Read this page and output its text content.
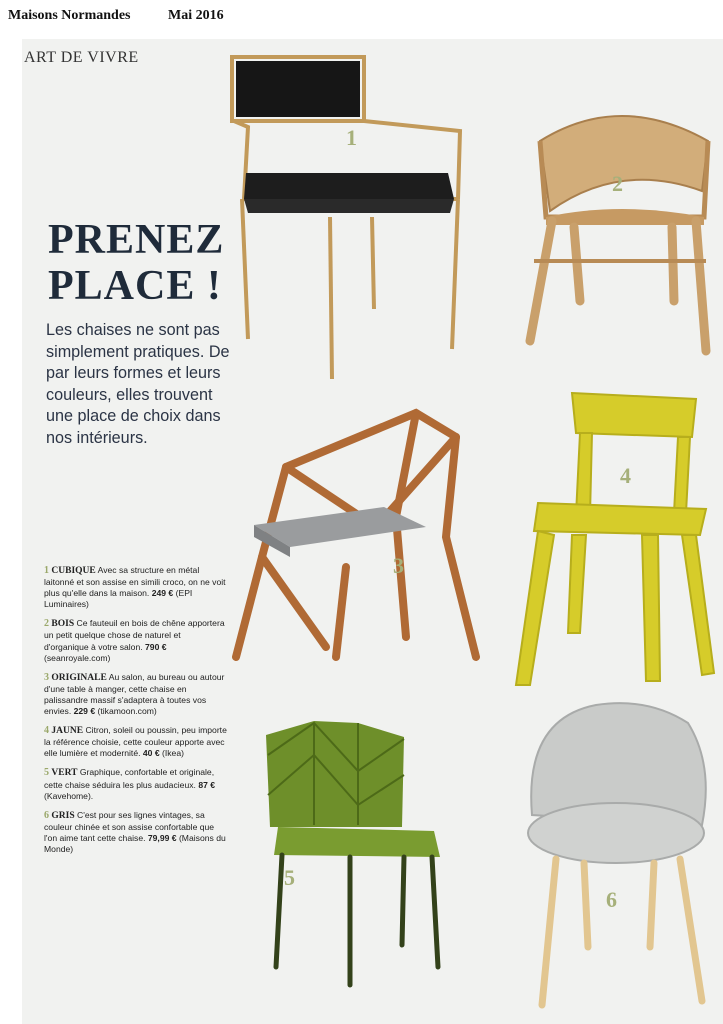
Maisons Normandes	Mai 2016
ART DE VIVRE
PRENEZ
PLACE !
Les chaises ne sont pas simplement pratiques. De par leurs formes et leurs couleurs, elles trouvent une place de choix dans nos intérieurs.
1 CUBIQUE Avec sa structure en métal laitonné et son assise en simili croco, on ne voit plus qu'elle dans la maison. 249 € (EPI Luminaires)
2 BOIS Ce fauteuil en bois de chêne apportera un petit quelque chose de naturel et d'organique à votre salon. 790 € (seanroyale.com)
3 ORIGINALE Au salon, au bureau ou autour d'une table à manger, cette chaise en palissandre massif s'adaptera à toutes vos envies. 229 € (tikamoon.com)
4 JAUNE Citron, soleil ou poussin, peu importe la référence choisie, cette couleur apporte avec elle lumière et modernité. 40 € (Ikea)
5 VERT Graphique, confortable et originale, cette chaise séduira les plus audacieux. 87 € (Kavehome).
6 GRIS C'est pour ses lignes vintages, sa couleur chinée et son assise confortable que l'on aime tant cette chaise. 79,99 € (Maisons du Monde)
1
2
3
4
5
6
